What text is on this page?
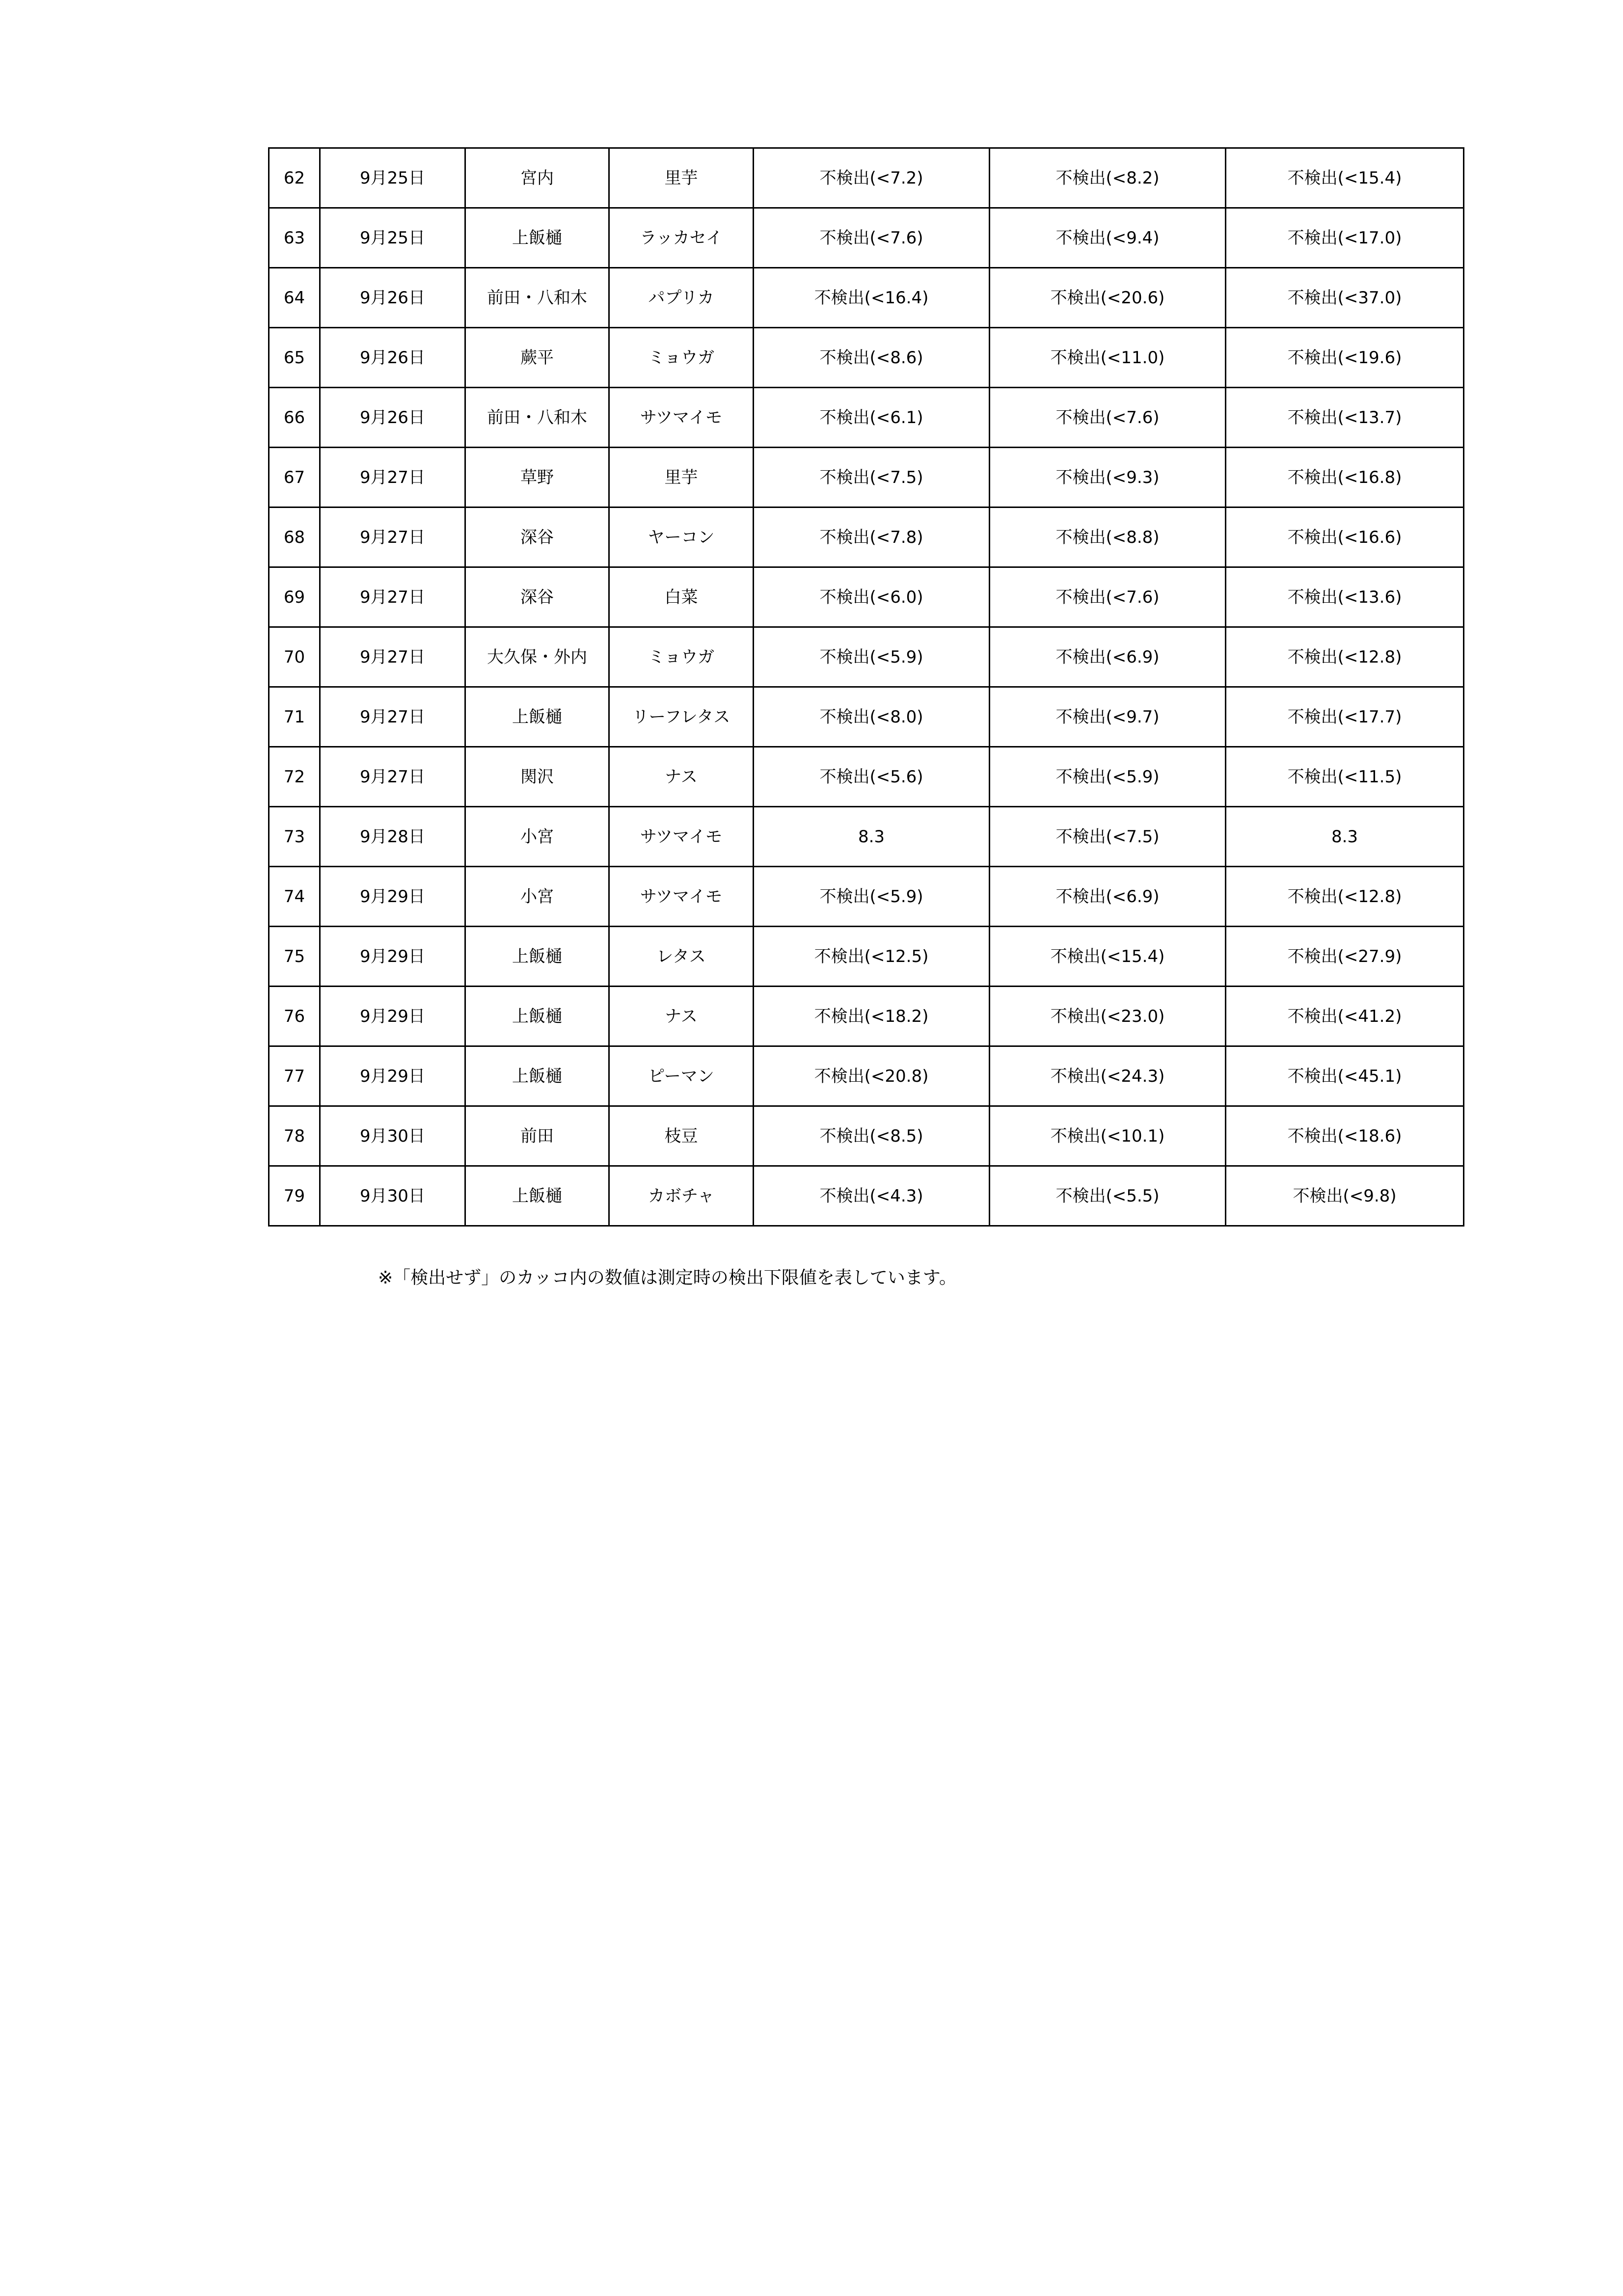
62	9月25日	宮内	里芋	不検出(<7.2)	不検出(<8.2)	不検出(<15.4)
63	9月25日	上飯樋	ラッカセイ	不検出(<7.6)	不検出(<9.4)	不検出(<17.0)
64	9月26日	前田・八和木	パプリカ	不検出(<16.4)	不検出(<20.6)	不検出(<37.0)
65	9月26日	蕨平	ミョウガ	不検出(<8.6)	不検出(<11.0)	不検出(<19.6)
66	9月26日	前田・八和木	サツマイモ	不検出(<6.1)	不検出(<7.6)	不検出(<13.7)
67	9月27日	草野	里芋	不検出(<7.5)	不検出(<9.3)	不検出(<16.8)
68	9月27日	深谷	ヤーコン	不検出(<7.8)	不検出(<8.8)	不検出(<16.6)
69	9月27日	深谷	白菜	不検出(<6.0)	不検出(<7.6)	不検出(<13.6)
70	9月27日	大久保・外内	ミョウガ	不検出(<5.9)	不検出(<6.9)	不検出(<12.8)
71	9月27日	上飯樋	リーフレタス	不検出(<8.0)	不検出(<9.7)	不検出(<17.7)
72	9月27日	関沢	ナス	不検出(<5.6)	不検出(<5.9)	不検出(<11.5)
73	9月28日	小宮	サツマイモ	8.3	不検出(<7.5)	8.3
74	9月29日	小宮	サツマイモ	不検出(<5.9)	不検出(<6.9)	不検出(<12.8)
75	9月29日	上飯樋	レタス	不検出(<12.5)	不検出(<15.4)	不検出(<27.9)
76	9月29日	上飯樋	ナス	不検出(<18.2)	不検出(<23.0)	不検出(<41.2)
77	9月29日	上飯樋	ピーマン	不検出(<20.8)	不検出(<24.3)	不検出(<45.1)
78	9月30日	前田	枝豆	不検出(<8.5)	不検出(<10.1)	不検出(<18.6)
79	9月30日	上飯樋	カボチャ	不検出(<4.3)	不検出(<5.5)	不検出(<9.8)
※「検出せず」のカッコ内の数値は測定時の検出下限値を表しています。
